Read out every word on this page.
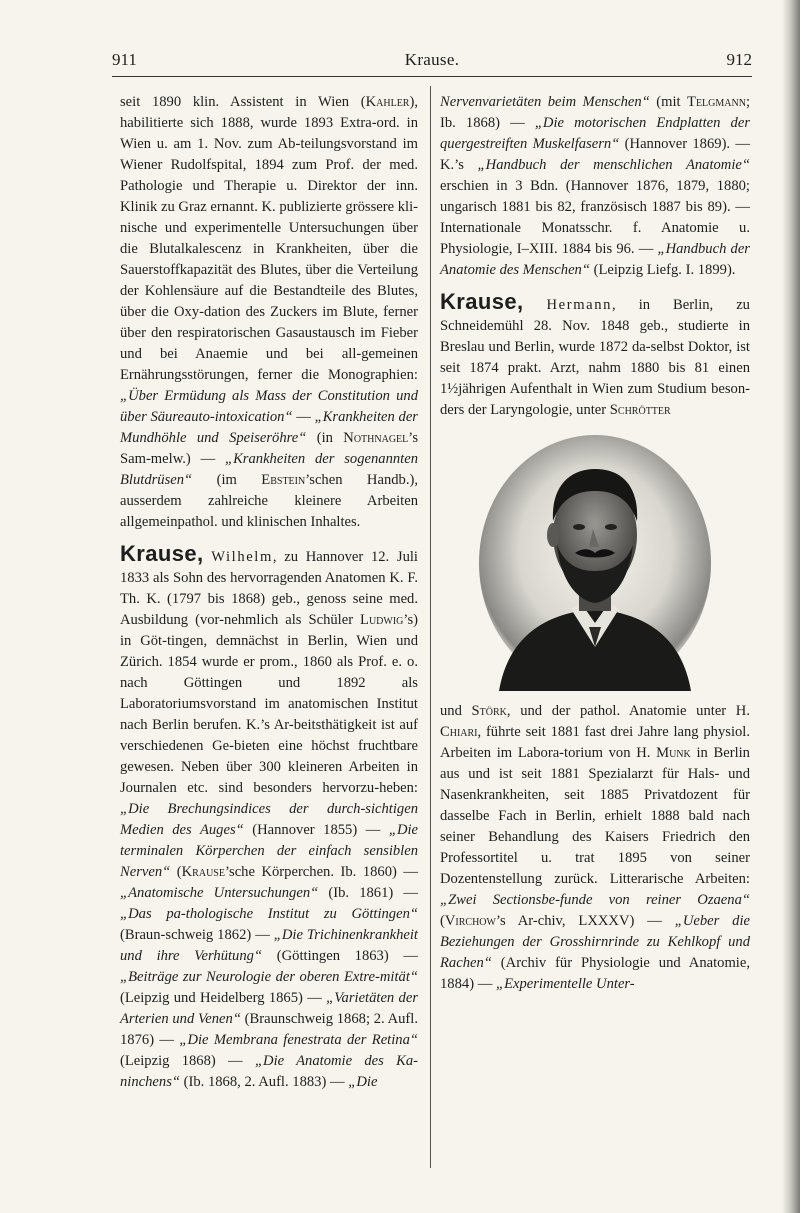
911	Krause.	912

seit 1890 klin. Assistent in Wien (Kahler), habilitierte sich 1888, wurde 1893 Extra-ord. in Wien u. am 1. Nov. zum Ab-teilungsvorstand im Wiener Rudolfspital, 1894 zum Prof. der med. Pathologie und Therapie u. Direktor der inn. Klinik zu Graz ernannt. K. publizierte grössere kli-nische und experimentelle Untersuchungen über die Blutalkalescenz in Krankheiten, über die Sauerstoffkapazität des Blutes, über die Verteilung der Kohlensäure auf die Bestandteile des Blutes, über die Oxy-dation des Zuckers im Blute, ferner über den respiratorischen Gasaustausch im Fieber und bei Anaemie und bei all-gemeinen Ernährungsstörungen, ferner die Monographien: „Über Ermüdung als Mass der Constitution und über Säureauto-intoxication“ — „Krankheiten der Mundhöhle und Speiseröhre“ (in Nothnagel’s Sam-melw.) — „Krankheiten der sogenannten Blutdrüsen“ (im Ebstein’schen Handb.), ausserdem zahlreiche kleinere Arbeiten allgemeinpathol. und klinischen Inhaltes.

Krause, Wilhelm, zu Hannover 12. Juli 1833 als Sohn des hervorragenden Anatomen K. F. Th. K. (1797 bis 1868) geb., genoss seine med. Ausbildung (vor-nehmlich als Schüler Ludwig’s) in Göt-tingen, demnächst in Berlin, Wien und Zürich. 1854 wurde er prom., 1860 als Prof. e. o. nach Göttingen und 1892 als Laboratoriumsvorstand im anatomischen Institut nach Berlin berufen. K.’s Ar-beitsthätigkeit ist auf verschiedenen Ge-bieten eine höchst fruchtbare gewesen. Neben über 300 kleineren Arbeiten in Journalen etc. sind besonders hervorzu-heben: „Die Brechungsindices der durch-sichtigen Medien des Auges“ (Hannover 1855) — „Die terminalen Körperchen der einfach sensiblen Nerven“ (Krause’sche Körperchen. Ib. 1860) — „Anatomische Untersuchungen“ (Ib. 1861) — „Das pa-thologische Institut zu Göttingen“ (Braun-schweig 1862) — „Die Trichinenkrankheit und ihre Verhütung“ (Göttingen 1863) — „Beiträge zur Neurologie der oberen Extre-mität“ (Leipzig und Heidelberg 1865) — „Varietäten der Arterien und Venen“ (Braunschweig 1868; 2. Aufl. 1876) — „Die Membrana fenestrata der Retina“ (Leipzig 1868) — „Die Anatomie des Ka-ninchens“ (Ib. 1868, 2. Aufl. 1883) — „Die

Nervenvarietäten beim Menschen“ (mit Telgmann; Ib. 1868) — „Die motorischen Endplatten der quergestreiften Muskelfasern“ (Hannover 1869). — K.’s „Handbuch der menschlichen Anatomie“ erschien in 3 Bdn. (Hannover 1876, 1879, 1880; ungarisch 1881 bis 82, französisch 1887 bis 89). — Internationale Monatsschr. f. Anatomie u. Physiologie, I–XIII. 1884 bis 96. — „Handbuch der Anatomie des Menschen“ (Leipzig Liefg. I. 1899).

Krause, Hermann, in Berlin, zu Schneidemühl 28. Nov. 1848 geb., studierte in Breslau und Berlin, wurde 1872 da-selbst Doktor, ist seit 1874 prakt. Arzt, nahm 1880 bis 81 einen 1½jährigen Aufenthalt in Wien zum Studium beson-ders der Laryngologie, unter Schrötter

und Störk, und der pathol. Anatomie unter H. Chiari, führte seit 1881 fast drei Jahre lang physiol. Arbeiten im Labora-torium von H. Munk in Berlin aus und ist seit 1881 Spezialarzt für Hals- und Nasenkrankheiten, seit 1885 Privatdozent für dasselbe Fach in Berlin, erhielt 1888 bald nach seiner Behandlung des Kaisers Friedrich den Professortitel u. trat 1895 von seiner Dozentenstellung zurück. Litterarische Arbeiten: „Zwei Sectionsbe-funde von reiner Ozaena“ (Virchow’s Ar-chiv, LXXXV) — „Ueber die Beziehungen der Grosshirnrinde zu Kehlkopf und Rachen“ (Archiv für Physiologie und Anatomie, 1884) — „Experimentelle Unter-
